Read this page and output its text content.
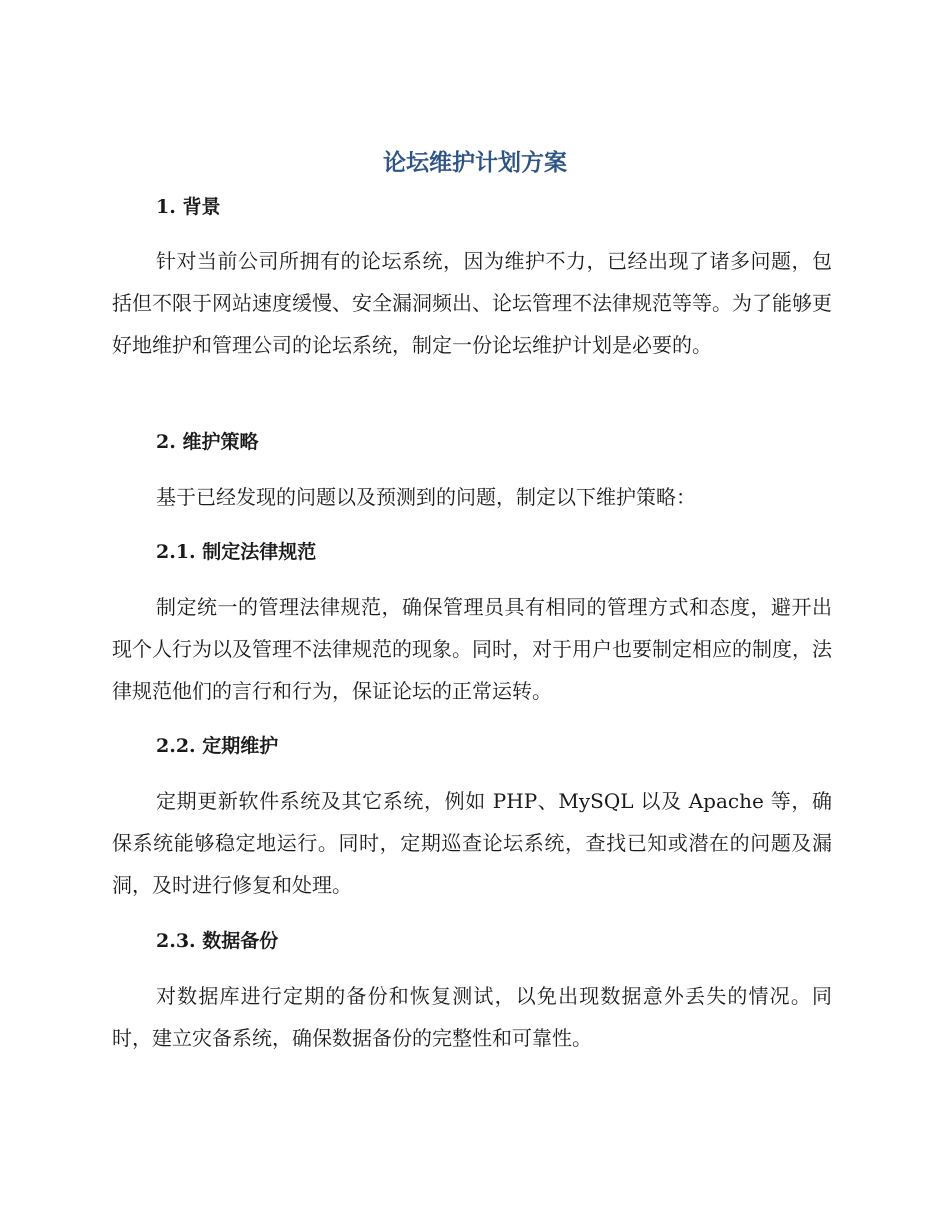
论坛维护计划方案
1. 背景
针对当前公司所拥有的论坛系统，因为维护不力，已经出现了诸多问题，包括但不限于网站速度缓慢、安全漏洞频出、论坛管理不法律规范等等。为了能够更好地维护和管理公司的论坛系统，制定一份论坛维护计划是必要的。
2. 维护策略
基于已经发现的问题以及预测到的问题，制定以下维护策略：
2.1. 制定法律规范
制定统一的管理法律规范，确保管理员具有相同的管理方式和态度，避开出现个人行为以及管理不法律规范的现象。同时，对于用户也要制定相应的制度，法律规范他们的言行和行为，保证论坛的正常运转。
2.2. 定期维护
定期更新软件系统及其它系统，例如 PHP、MySQL 以及 Apache 等，确保系统能够稳定地运行。同时，定期巡查论坛系统，查找已知或潜在的问题及漏洞，及时进行修复和处理。
2.3. 数据备份
对数据库进行定期的备份和恢复测试，以免出现数据意外丢失的情况。同时，建立灾备系统，确保数据备份的完整性和可靠性。
